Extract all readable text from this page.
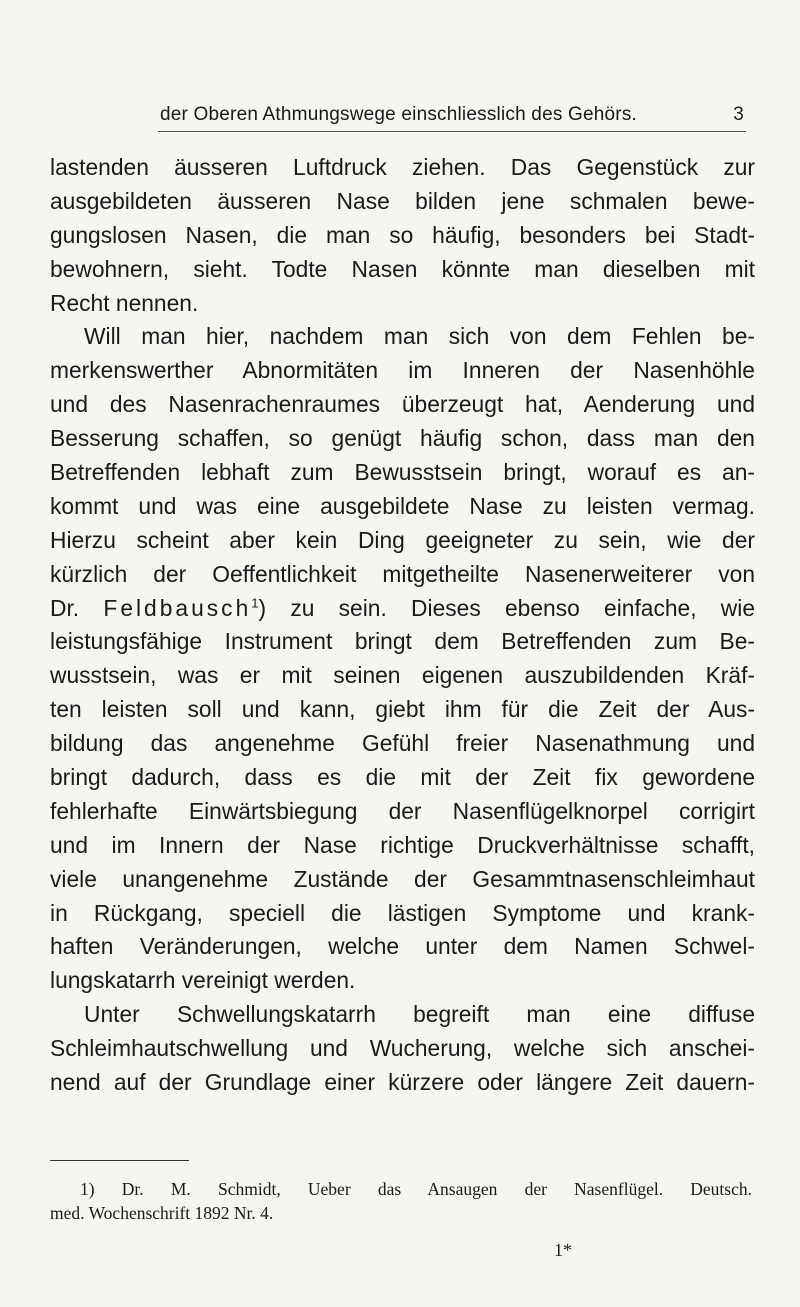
der Oberen Athmungswege einschliesslich des Gehörs.	3
lastenden äusseren Luftdruck ziehen. Das Gegenstück zur
ausgebildeten äusseren Nase bilden jene schmalen bewe-
gungslosen Nasen, die man so häufig, besonders bei Stadt-
bewohnern, sieht. Todte Nasen könnte man dieselben mit
Recht nennen.
Will man hier, nachdem man sich von dem Fehlen be-
merkenswerther Abnormitäten im Inneren der Nasenhöhle
und des Nasenrachenraumes überzeugt hat, Aenderung und
Besserung schaffen, so genügt häufig schon, dass man den
Betreffenden lebhaft zum Bewusstsein bringt, worauf es an-
kommt und was eine ausgebildete Nase zu leisten vermag.
Hierzu scheint aber kein Ding geeigneter zu sein, wie der
kürzlich der Oeffentlichkeit mitgetheilte Nasenerweiterer von
Dr. Feldbausch$^1$) zu sein. Dieses ebenso einfache, wie
leistungsfähige Instrument bringt dem Betreffenden zum Be-
wusstsein, was er mit seinen eigenen auszubildenden Kräf-
ten leisten soll und kann, giebt ihm für die Zeit der Aus-
bildung das angenehme Gefühl freier Nasenathmung und
bringt dadurch, dass es die mit der Zeit fix gewordene
fehlerhafte Einwärtsbiegung der Nasenflügelknorpel corrigirt
und im Innern der Nase richtige Druckverhältnisse schafft,
viele unangenehme Zustände der Gesammtnasenschleimhaut
in Rückgang, speciell die lästigen Symptome und krank-
haften Veränderungen, welche unter dem Namen Schwel-
lungskatarrh vereinigt werden.
Unter Schwellungskatarrh begreift man eine diffuse
Schleimhautschwellung und Wucherung, welche sich anschei-
nend auf der Grundlage einer kürzere oder längere Zeit dauern-
1) Dr. M. Schmidt, Ueber das Ansaugen der Nasenflügel. Deutsch.
med. Wochenschrift 1892 Nr. 4.
1*
